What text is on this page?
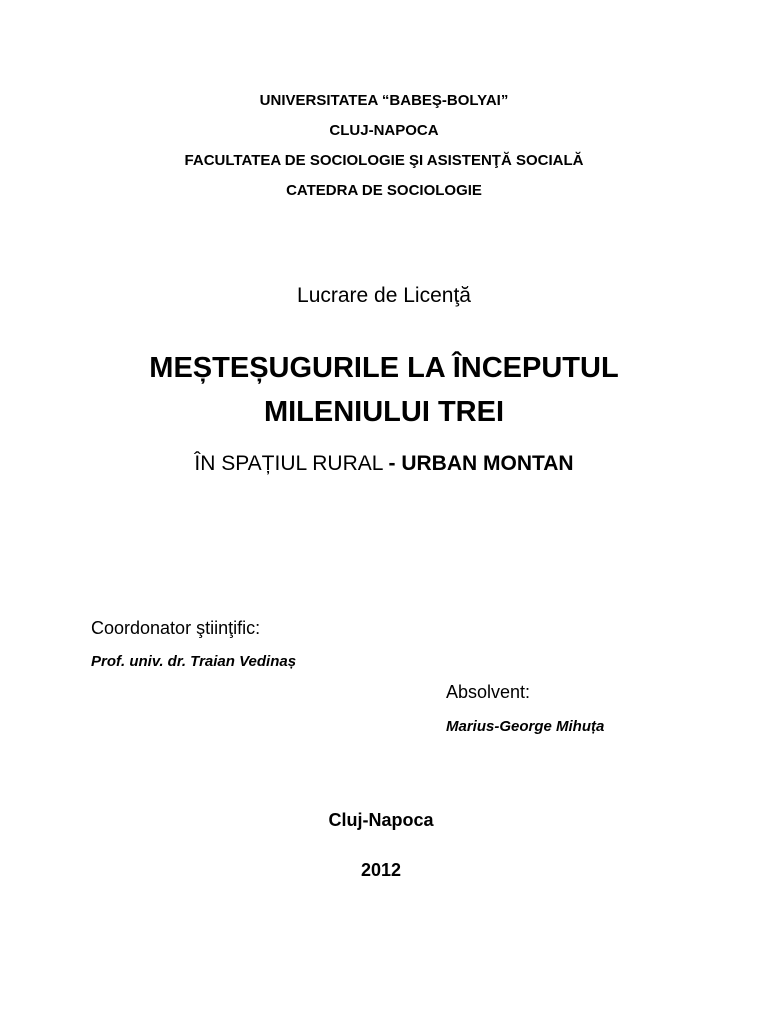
UNIVERSITATEA “BABEŞ-BOLYAI”
CLUJ-NAPOCA
FACULTATEA DE SOCIOLOGIE ŞI ASISTENŢĂ SOCIALĂ
CATEDRA DE SOCIOLOGIE
Lucrare de Licenţă
MEȘTEȘUGURILE LA ÎNCEPUTUL
MILENIULUI TREI
ÎN SPAȚIUL RURAL - URBAN MONTAN
Coordonator ştiinţific:
Prof. univ. dr. Traian Vedinaș
Absolvent:
Marius-George Mihuța
Cluj-Napoca
2012
